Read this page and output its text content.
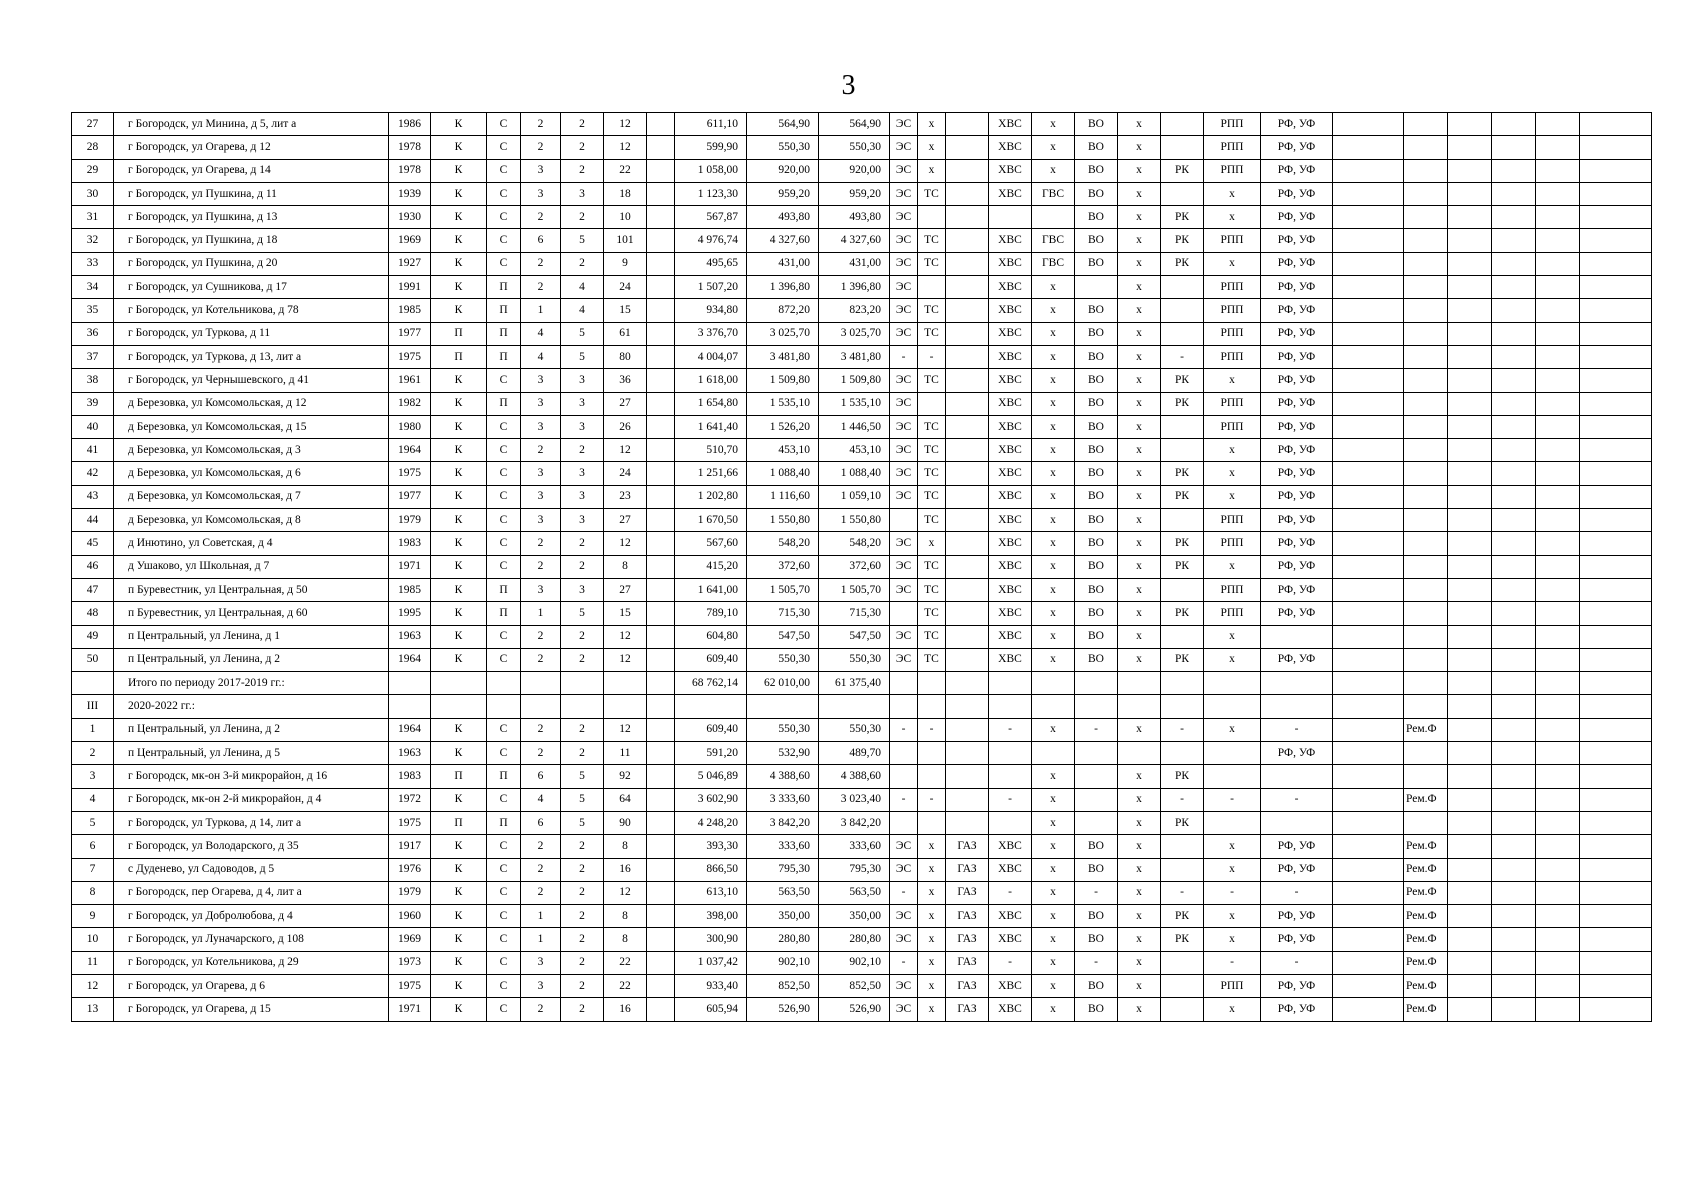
3
27	г Богородск, ул Минина, д 5, лит а	1986	К	С	2	2	12		611,10	564,90	564,90	ЭС	х		ХВС	х	ВО	х		РПП	РФ, УФ						
28	г Богородск, ул Огарева, д 12	1978	К	С	2	2	12		599,90	550,30	550,30	ЭС	х		ХВС	х	ВО	х		РПП	РФ, УФ						
29	г Богородск, ул Огарева, д 14	1978	К	С	3	2	22		1 058,00	920,00	920,00	ЭС	х		ХВС	х	ВО	х	РК	РПП	РФ, УФ						
30	г Богородск, ул Пушкина, д 11	1939	К	С	3	3	18		1 123,30	959,20	959,20	ЭС	ТС		ХВС	ГВС	ВО	х		х	РФ, УФ						
31	г Богородск, ул Пушкина, д 13	1930	К	С	2	2	10		567,87	493,80	493,80	ЭС					ВО	х	РК	х	РФ, УФ						
32	г Богородск, ул Пушкина, д 18	1969	К	С	6	5	101		4 976,74	4 327,60	4 327,60	ЭС	ТС		ХВС	ГВС	ВО	х	РК	РПП	РФ, УФ						
33	г Богородск, ул Пушкина, д 20	1927	К	С	2	2	9		495,65	431,00	431,00	ЭС	ТС		ХВС	ГВС	ВО	х	РК	х	РФ, УФ						
34	г Богородск, ул Сушникова, д 17	1991	К	П	2	4	24		1 507,20	1 396,80	1 396,80	ЭС			ХВС	х		х		РПП	РФ, УФ						
35	г Богородск, ул Котельникова, д 78	1985	К	П	1	4	15		934,80	872,20	823,20	ЭС	ТС		ХВС	х	ВО	х		РПП	РФ, УФ						
36	г Богородск, ул Туркова, д 11	1977	П	П	4	5	61		3 376,70	3 025,70	3 025,70	ЭС	ТС		ХВС	х	ВО	х		РПП	РФ, УФ						
37	г Богородск, ул Туркова, д 13, лит а	1975	П	П	4	5	80		4 004,07	3 481,80	3 481,80	-	-		ХВС	х	ВО	х	-	РПП	РФ, УФ						
38	г Богородск, ул Чернышевского, д 41	1961	К	С	3	3	36		1 618,00	1 509,80	1 509,80	ЭС	ТС		ХВС	х	ВО	х	РК	х	РФ, УФ						
39	д Березовка, ул Комсомольская, д 12	1982	К	П	3	3	27		1 654,80	1 535,10	1 535,10	ЭС			ХВС	х	ВО	х	РК	РПП	РФ, УФ						
40	д Березовка, ул Комсомольская, д 15	1980	К	С	3	3	26		1 641,40	1 526,20	1 446,50	ЭС	ТС		ХВС	х	ВО	х		РПП	РФ, УФ						
41	д Березовка, ул Комсомольская, д 3	1964	К	С	2	2	12		510,70	453,10	453,10	ЭС	ТС		ХВС	х	ВО	х		х	РФ, УФ						
42	д Березовка, ул Комсомольская, д 6	1975	К	С	3	3	24		1 251,66	1 088,40	1 088,40	ЭС	ТС		ХВС	х	ВО	х	РК	х	РФ, УФ						
43	д Березовка, ул Комсомольская, д 7	1977	К	С	3	3	23		1 202,80	1 116,60	1 059,10	ЭС	ТС		ХВС	х	ВО	х	РК	х	РФ, УФ						
44	д Березовка, ул Комсомольская, д 8	1979	К	С	3	3	27		1 670,50	1 550,80	1 550,80		ТС		ХВС	х	ВО	х		РПП	РФ, УФ						
45	д Инютино, ул Советская, д 4	1983	К	С	2	2	12		567,60	548,20	548,20	ЭС	х		ХВС	х	ВО	х	РК	РПП	РФ, УФ						
46	д Ушаково, ул Школьная, д 7	1971	К	С	2	2	8		415,20	372,60	372,60	ЭС	ТС		ХВС	х	ВО	х	РК	х	РФ, УФ						
47	п Буревестник, ул Центральная, д 50	1985	К	П	3	3	27		1 641,00	1 505,70	1 505,70	ЭС	ТС		ХВС	х	ВО	х		РПП	РФ, УФ						
48	п Буревестник, ул Центральная, д 60	1995	К	П	1	5	15		789,10	715,30	715,30		ТС		ХВС	х	ВО	х	РК	РПП	РФ, УФ						
49	п Центральный, ул Ленина, д 1	1963	К	С	2	2	12		604,80	547,50	547,50	ЭС	ТС		ХВС	х	ВО	х		х							
50	п Центральный, ул Ленина, д 2	1964	К	С	2	2	12		609,40	550,30	550,30	ЭС	ТС		ХВС	х	ВО	х	РК	х	РФ, УФ						
	Итого по периоду 2017-2019 гг.:								68 762,14	62 010,00	61 375,40																
III	2020-2022 гг.:																										
1	п Центральный, ул Ленина, д 2	1964	К	С	2	2	12		609,40	550,30	550,30	-	-		-	х	-	х	-	х	-		Рем.Ф				
2	п Центральный, ул Ленина, д 5	1963	К	С	2	2	11		591,20	532,90	489,70										РФ, УФ						
3	г Богородск, мк-он 3-й микрорайон, д 16	1983	П	П	6	5	92		5 046,89	4 388,60	4 388,60					х		х	РК								
4	г Богородск, мк-он 2-й микрорайон, д 4	1972	К	С	4	5	64		3 602,90	3 333,60	3 023,40	-	-		-	х		х	-	-	-		Рем.Ф				
5	г Богородск, ул Туркова, д 14, лит а	1975	П	П	6	5	90		4 248,20	3 842,20	3 842,20					х		х	РК								
6	г Богородск, ул Володарского, д 35	1917	К	С	2	2	8		393,30	333,60	333,60	ЭС	х	ГАЗ	ХВС	х	ВО	х		х	РФ, УФ		Рем.Ф				
7	с Дуденево, ул Садоводов, д 5	1976	К	С	2	2	16		866,50	795,30	795,30	ЭС	х	ГАЗ	ХВС	х	ВО	х		х	РФ, УФ		Рем.Ф				
8	г Богородск, пер Огарева, д 4, лит а	1979	К	С	2	2	12		613,10	563,50	563,50	-	х	ГАЗ	-	х	-	х	-	-	-		Рем.Ф				
9	г Богородск, ул Добролюбова, д 4	1960	К	С	1	2	8		398,00	350,00	350,00	ЭС	х	ГАЗ	ХВС	х	ВО	х	РК	х	РФ, УФ		Рем.Ф				
10	г Богородск, ул Луначарского, д 108	1969	К	С	1	2	8		300,90	280,80	280,80	ЭС	х	ГАЗ	ХВС	х	ВО	х	РК	х	РФ, УФ		Рем.Ф				
11	г Богородск, ул Котельникова, д 29	1973	К	С	3	2	22		1 037,42	902,10	902,10	-	х	ГАЗ	-	х	-	х		-	-		Рем.Ф				
12	г Богородск, ул Огарева, д 6	1975	К	С	3	2	22		933,40	852,50	852,50	ЭС	х	ГАЗ	ХВС	х	ВО	х		РПП	РФ, УФ		Рем.Ф				
13	г Богородск, ул Огарева, д 15	1971	К	С	2	2	16		605,94	526,90	526,90	ЭС	х	ГАЗ	ХВС	х	ВО	х		х	РФ, УФ		Рем.Ф				
